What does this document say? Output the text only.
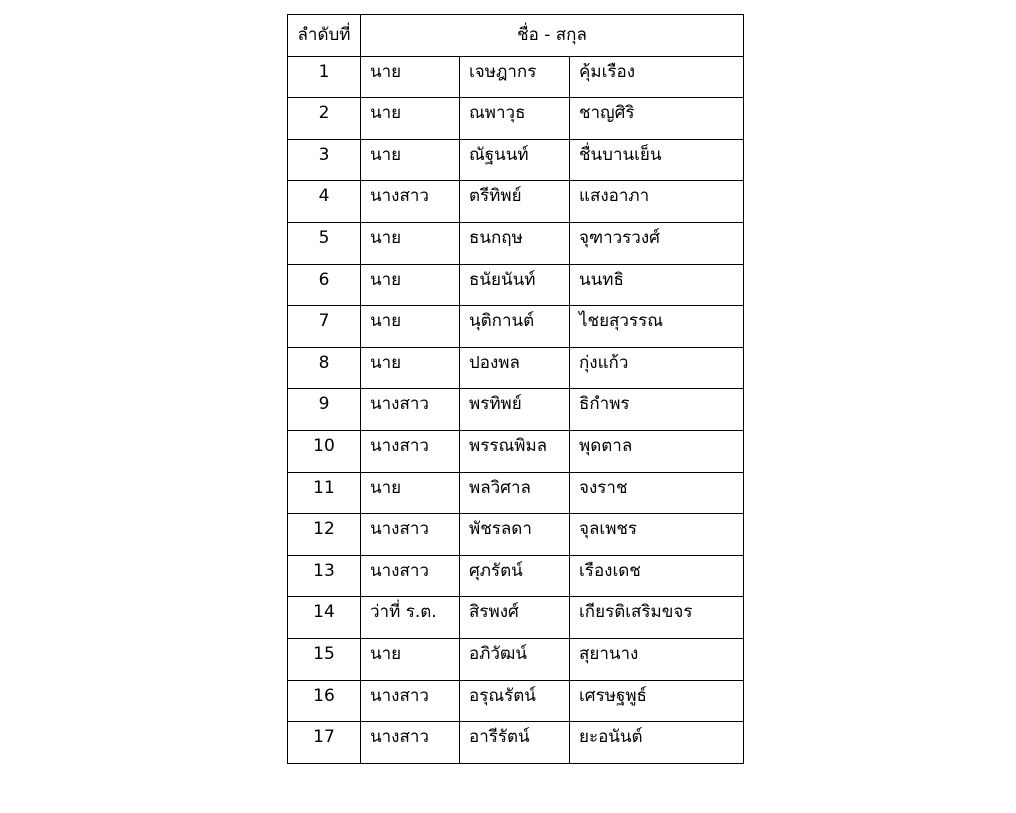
ลำดับที่	ชื่อ - สกุล		
1	นาย	เจษฎากร	คุ้มเรือง
2	นาย	ณพาวุธ	ชาญศิริ
3	นาย	ณัฐนนท์	ชื่นบานเย็น
4	นางสาว	ตรีทิพย์	แสงอาภา
5	นาย	ธนกฤษ	จุฑาวรวงศ์
6	นาย	ธนัยนันท์	นนทธิ
7	นาย	นุติกานต์	ไชยสุวรรณ
8	นาย	ปองพล	กุ่งแก้ว
9	นางสาว	พรทิพย์	ธิกำพร
10	นางสาว	พรรณพิมล	พุดตาล
11	นาย	พลวิศาล	จงราช
12	นางสาว	พัชรลดา	จุลเพชร
13	นางสาว	ศุภรัตน์	เรืองเดช
14	ว่าที่ ร.ต.	สิรพงศ์	เกียรติเสริมขจร
15	นาย	อภิวัฒน์	สุยานาง
16	นางสาว	อรุณรัตน์	เศรษฐพูธ์
17	นางสาว	อารีรัตน์	ยะอนันต์
